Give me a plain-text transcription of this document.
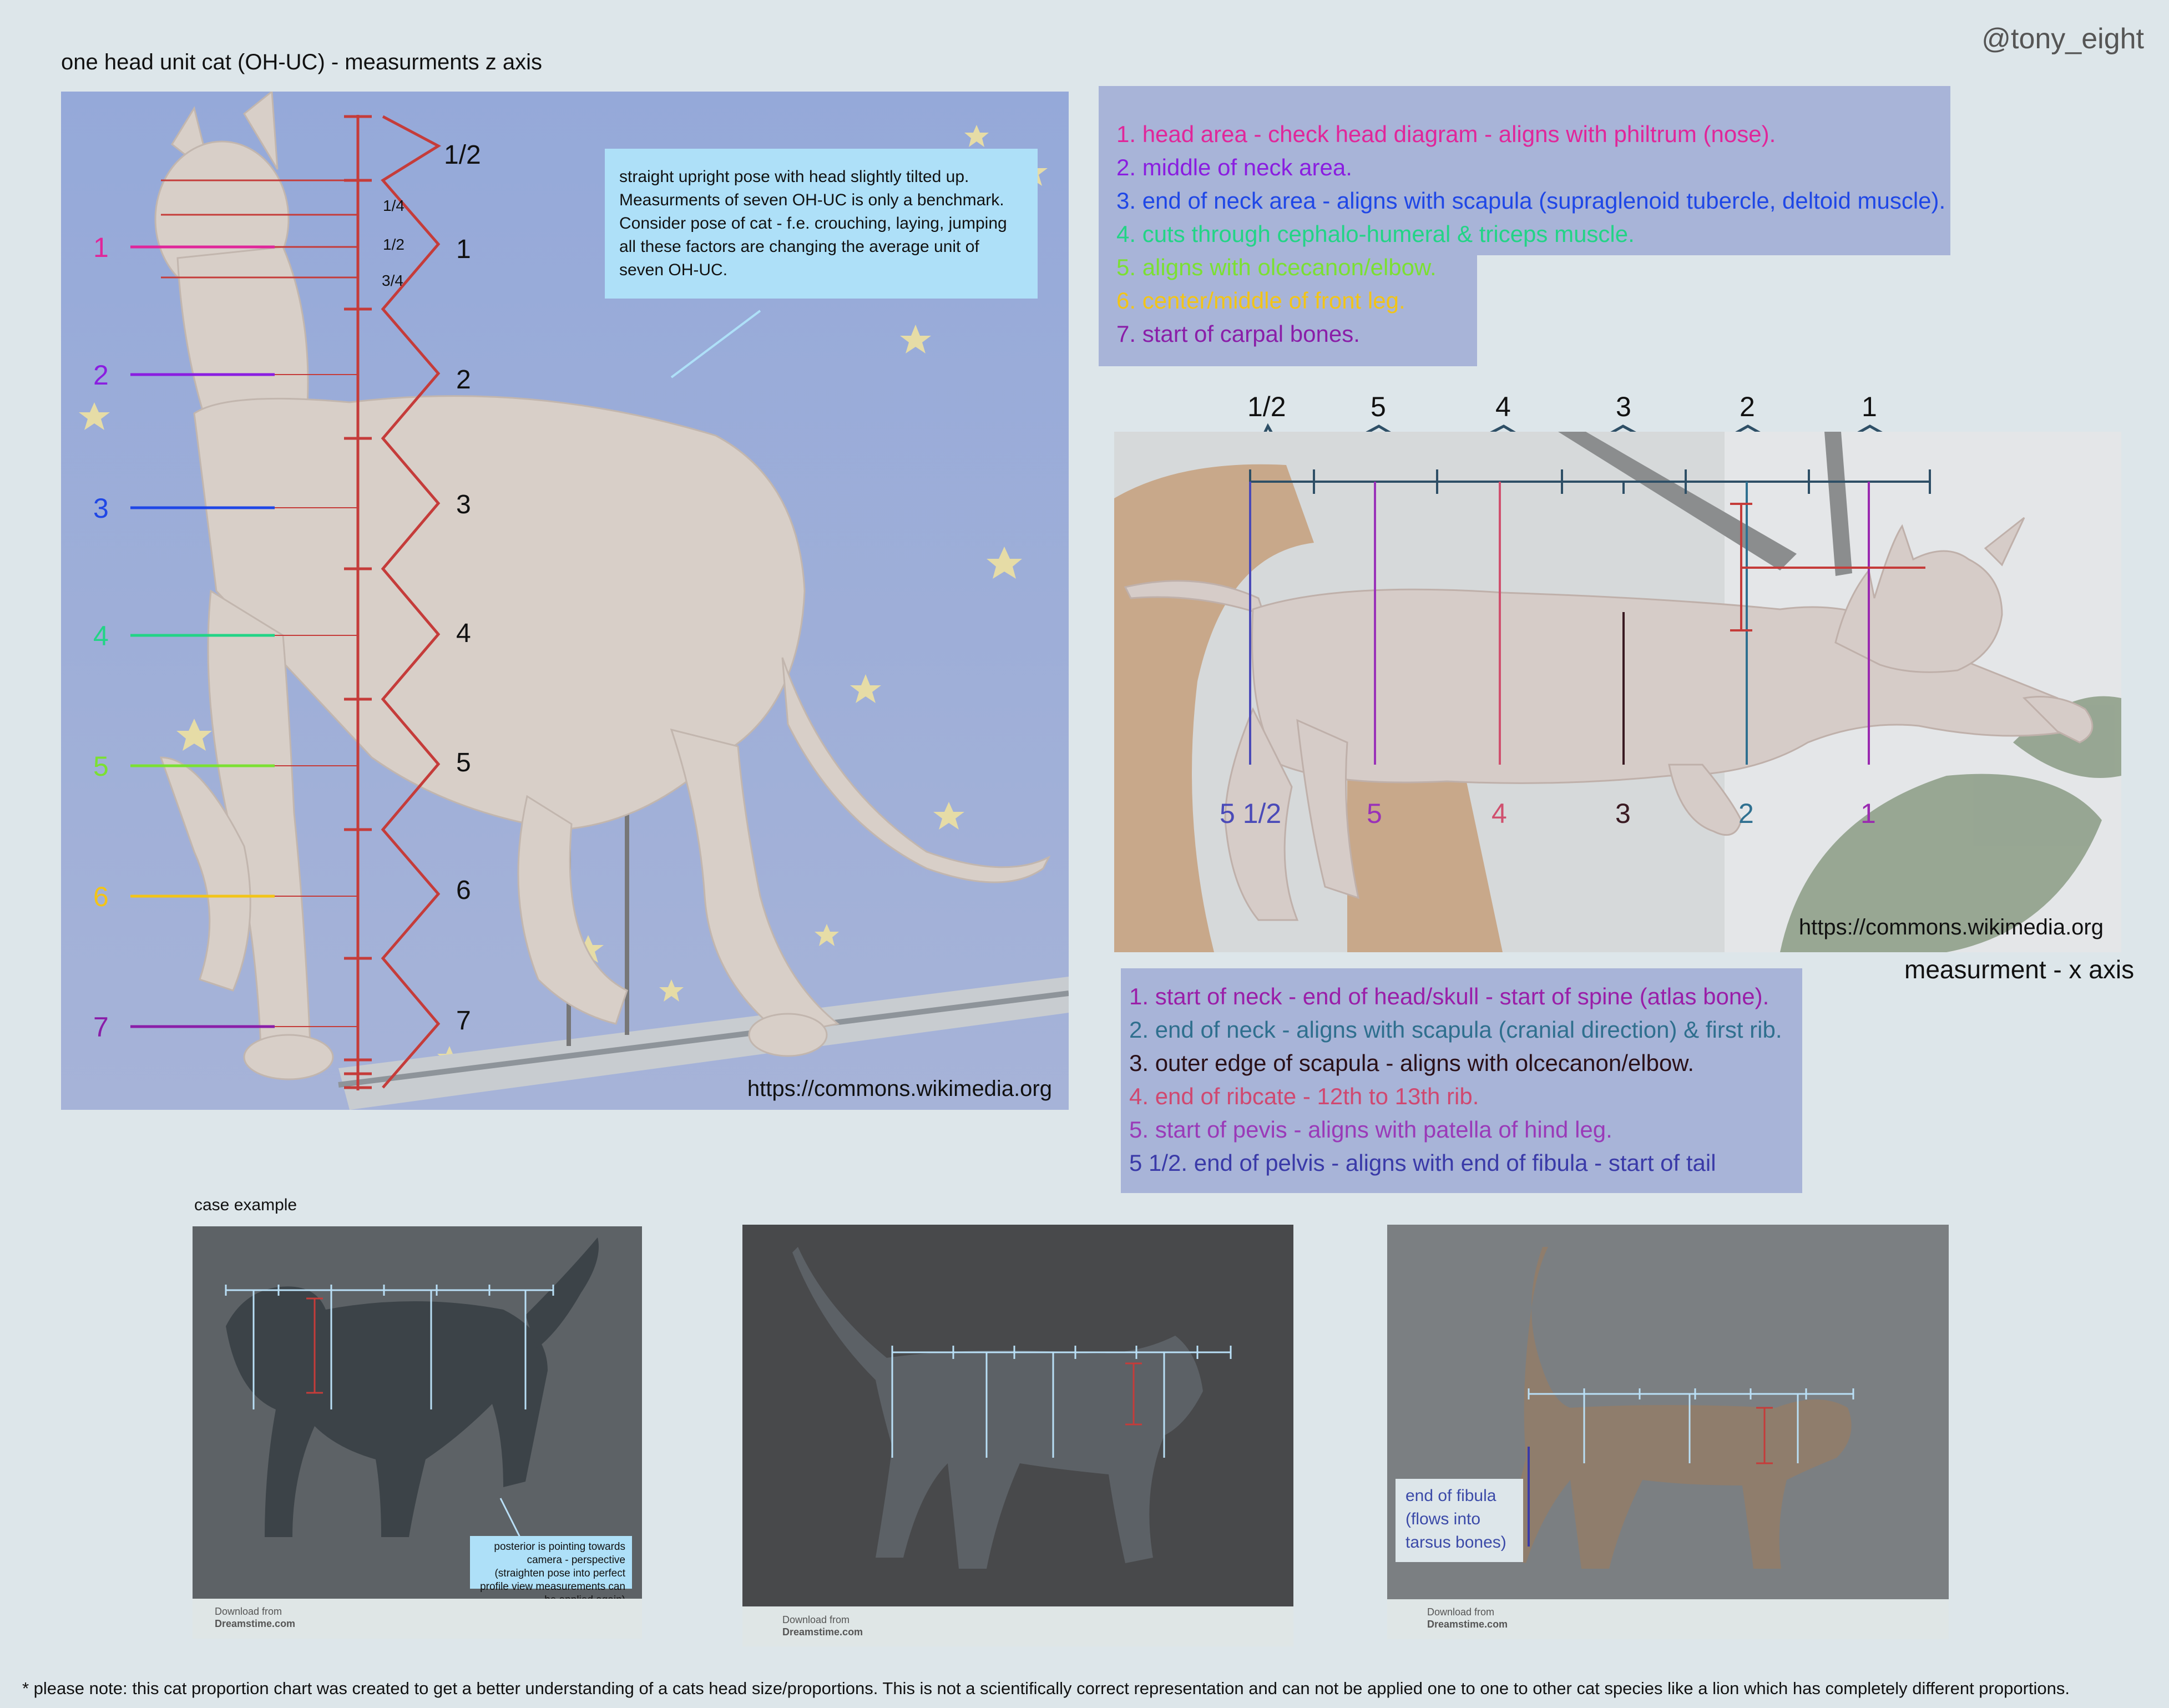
one head unit cat (OH-UC) - measurments z axis
@tony_eight
1/2
1
2
3
4
5
6
7
1/4
1/2
3/4
1
2
3
4
5
6
7
https://commons.wikimedia.org
straight upright pose with head slightly tilted up. Measurments of seven OH-UC is only a benchmark. Consider pose of cat - f.e. crouching, laying, jumping all these factors are changing the average unit of seven OH-UC.
1. head area - check head diagram - aligns with philtrum (nose).
2. middle of neck area.
3. end of neck area - aligns with scapula (supraglenoid tubercle, deltoid muscle).
4. cuts through cephalo-humeral & triceps muscle.
5. aligns with olcecanon/elbow.
6. center/middle of front leg.
7. start of carpal bones.
1/2	5	4	3	2	1
5 1/2	5	4	3	2	1
https://commons.wikimedia.org
measurment - x axis
1. start of neck - end of head/skull - start of spine (atlas bone).
2. end of neck - aligns with scapula (cranial direction) & first rib.
3. outer edge of scapula - aligns with olcecanon/elbow.
4. end of ribcate - 12th to 13th rib.
5. start of pevis - aligns with patella of hind leg.
5 1/2. end of pelvis - aligns with end of fibula - start of tail
case example
posterior is pointing towards camera - perspective (straighten pose into perfect profile view measurements can
Download from
Dreamstime.com	Download from
Dreamstime.com
end of fibula (flows into tarsus bones)
Download from
Dreamstime.com
* please note: this cat proportion chart was created to get a better understanding of a cats head size/proportions. This is not a scientifically correct representation and can not be applied one to one to other cat species like a lion which has completely different proportions.
